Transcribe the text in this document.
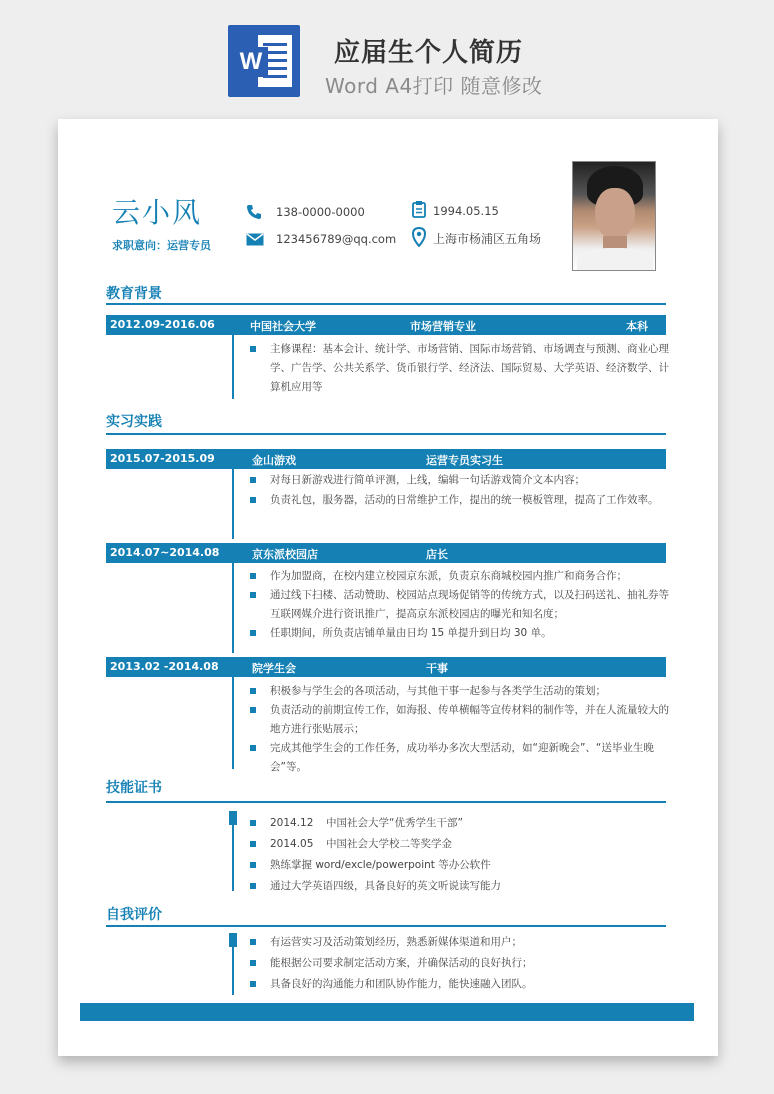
W	应届生个人简历
Word A4打印 随意修改
云小风
求职意向：运营专员
138-0000-0000
123456789@qq.com
1994.05.15
上海市杨浦区五角场
教育背景
2012.09-2016.06	中国社会大学	市场营销专业	本科
主修课程：基本会计、统计学、市场营销、国际市场营销、市场调查与预测、商业心理学、广告学、公共关系学、货币银行学、经济法、国际贸易、大学英语、经济数学、计算机应用等
实习实践
2015.07-2015.09	金山游戏	运营专员实习生
对每日新游戏进行简单评测，上线，编辑一句话游戏简介文本内容；
负责礼包，服务器，活动的日常维护工作，提出的统一模板管理，提高了工作效率。
2014.07~2014.08	京东派校园店	店长
作为加盟商，在校内建立校园京东派，负责京东商城校园内推广和商务合作；
通过线下扫楼、活动赞助、校园站点现场促销等的传统方式，以及扫码送礼、抽礼券等互联网媒介进行资讯推广，提高京东派校园店的曝光和知名度；
任职期间，所负责店铺单量由日均 15 单提升到日均 30 单。
2013.02 -2014.08	院学生会	干事
积极参与学生会的各项活动，与其他干事一起参与各类学生活动的策划；
负责活动的前期宣传工作，如海报、传单横幅等宣传材料的制作等，并在人流量较大的地方进行张贴展示；
完成其他学生会的工作任务，成功举办多次大型活动，如“迎新晚会”、“送毕业生晚会”等。
技能证书
2014.12 中国社会大学“优秀学生干部”
2014.05 中国社会大学校二等奖学金
熟练掌握 word/excle/powerpoint 等办公软件
通过大学英语四级，具备良好的英文听说读写能力
自我评价
有运营实习及活动策划经历，熟悉新媒体渠道和用户；
能根据公司要求制定活动方案，并确保活动的良好执行；
具备良好的沟通能力和团队协作能力，能快速融入团队。
